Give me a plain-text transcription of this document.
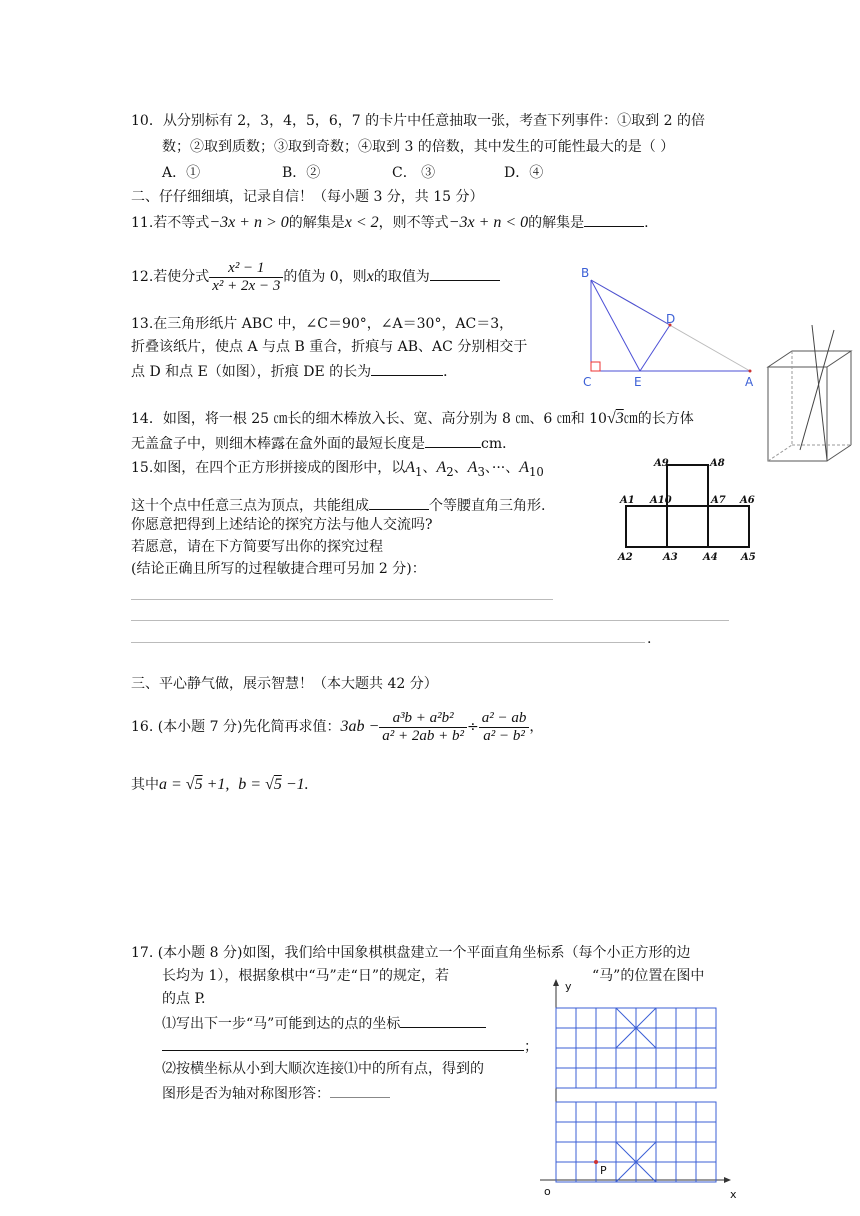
10．从分别标有 2，3，4，5，6，7 的卡片中任意抽取一张，考查下列事件：①取到 2 的倍
数；②取到质数；③取到奇数；④取到 3 的倍数，其中发生的可能性最大的是（ ）
A．①	B．②	C． ③	D．④
二、仔仔细细填，记录自信！（每小题 3 分，共 15 分）
11.若不等式−3x + n > 0的解集是x < 2，则不等式−3x + n < 0的解集是	.
12.若使分式 $\frac{\text{x² − 1}}{\text{x² + 2x − 3}}$ 的值为 0，则x的取值为
13.在三角形纸片 ABC 中，∠C＝90°，∠A＝30°，AC＝3，
折叠该纸片，使点 A 与点 B 重合，折痕与 AB、AC 分别相交于
点 D 和点 E（如图），折痕 DE 的长为	．
B
D
C	E	A
14．如图，将一根 25 ㎝长的细木棒放入长、宽、高分别为 8 ㎝、6 ㎝和 10√3㎝的长方体
无盖盒子中，则细木棒露在盒外面的最短长度是	cm．
15.如图，在四个正方形拼接成的图形中，以$A_1$、$A_2$、$A_3$、···、$A_{10}$
这十个点中任意三点为顶点，共能组成	个等腰直角三角形.
你愿意把得到上述结论的探究方法与他人交流吗?
若愿意，请在下方简要写出你的探究过程
(结论正确且所写的过程敏捷合理可另加 2 分)：
.
A9	A8
A1 A10	A7 A6
A2	A3	A4 A5
三、平心静气做，展示智慧！（本大题共 42 分）
16. (本小题 7 分)先化简再求值：$3ab - \frac{\text{a³b + a²b²}}{\text{a² + 2ab + b²}} \div \frac{\text{a² − ab}}{\text{a² − b²}}$ ，
其中a = √5 +1, b = √5 −1.
17. (本小题 8 分)如图，我们给中国象棋棋盘建立一个平面直角坐标系（每个小正方形的边
长均为 1），根据象棋中“马”走“日”的规定，若	“马”的位置在图中
的点 P.
⑴写出下一步“马”可能到达的点的坐标
；
⑵按横坐标从小到大顺次连接⑴中的所有点，得到的
图形是否为轴对称图形答：
y
x
o
P
